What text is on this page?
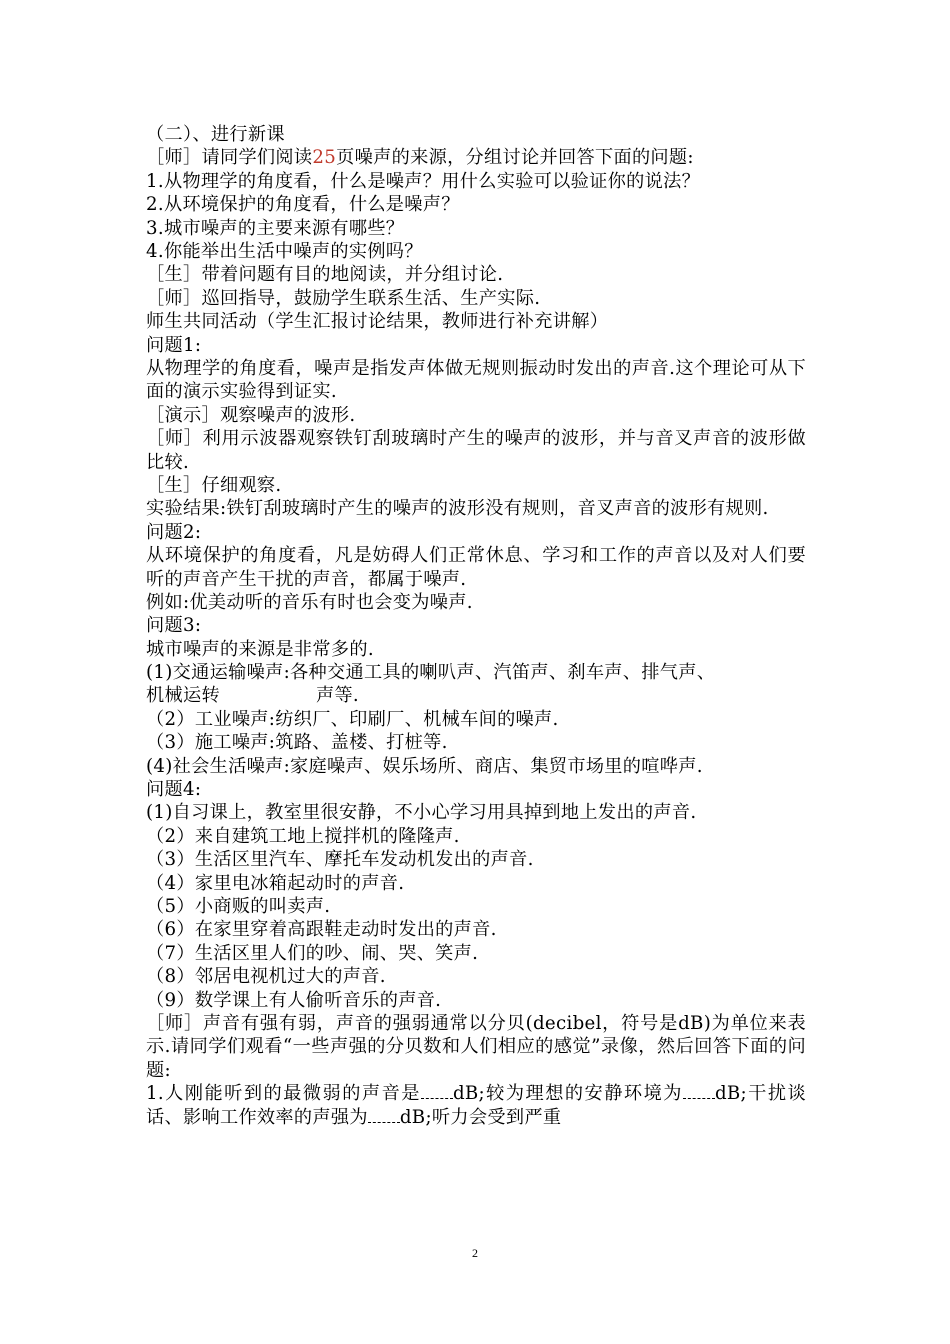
（二）、进行新课
［师］请同学们阅读25页噪声的来源，分组讨论并回答下面的问题:
1.从物理学的角度看，什么是噪声？用什么实验可以验证你的说法？
2.从环境保护的角度看，什么是噪声？
3.城市噪声的主要来源有哪些？
4.你能举出生活中噪声的实例吗？
［生］带着问题有目的地阅读，并分组讨论.
［师］巡回指导，鼓励学生联系生活、生产实际.
师生共同活动（学生汇报讨论结果，教师进行补充讲解）
问题1:
从物理学的角度看，噪声是指发声体做无规则振动时发出的声音.这个理论可从下面的演示实验得到证实.
［演示］观察噪声的波形.
［师］利用示波器观察铁钉刮玻璃时产生的噪声的波形，并与音叉声音的波形做比较.
［生］仔细观察.
实验结果:铁钉刮玻璃时产生的噪声的波形没有规则，音叉声音的波形有规则.
问题2:
从环境保护的角度看，凡是妨碍人们正常休息、学习和工作的声音以及对人们要听的声音产生干扰的声音，都属于噪声.
例如:优美动听的音乐有时也会变为噪声.
问题3:
城市噪声的来源是非常多的.
(1)交通运输噪声:各种交通工具的喇叭声、汽笛声、刹车声、排气声、
机械运转	声等.
（2）工业噪声:纺织厂、印刷厂、机械车间的噪声.
（3）施工噪声:筑路、盖楼、打桩等.
(4)社会生活噪声:家庭噪声、娱乐场所、商店、集贸市场里的喧哗声.
问题4:
(1)自习课上，教室里很安静，不小心学习用具掉到地上发出的声音.
（2）来自建筑工地上搅拌机的隆隆声.
（3）生活区里汽车、摩托车发动机发出的声音.
（4）家里电冰箱起动时的声音.
（5）小商贩的叫卖声.
（6）在家里穿着高跟鞋走动时发出的声音.
（7）生活区里人们的吵、闹、哭、笑声.
（8）邻居电视机过大的声音.
（9）数学课上有人偷听音乐的声音.
［师］声音有强有弱，声音的强弱通常以分贝(decibel，符号是dB)为单位来表示.请同学们观看“一些声强的分贝数和人们相应的感觉”录像，然后回答下面的问题:
1.人刚能听到的最微弱的声音是 dB;较为理想的安静环境为 dB;干扰谈话、影响工作效率的声强为 dB;听力会受到严重
2
